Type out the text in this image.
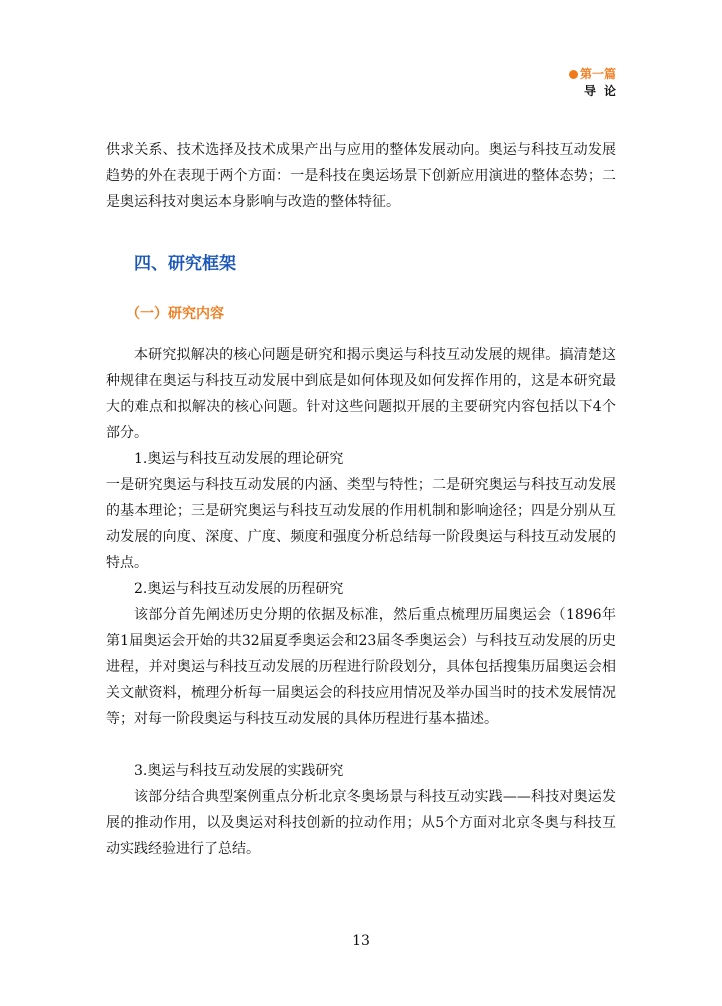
第一篇
导论

供求关系、技术选择及技术成果产出与应用的整体发展动向。奥运与科技互动发展趋势的外在表现于两个方面：一是科技在奥运场景下创新应用演进的整体态势；二是奥运科技对奥运本身影响与改造的整体特征。

四、研究框架
（一）研究内容

本研究拟解决的核心问题是研究和揭示奥运与科技互动发展的规律。搞清楚这种规律在奥运与科技互动发展中到底是如何体现及如何发挥作用的，这是本研究最大的难点和拟解决的核心问题。针对这些问题拟开展的主要研究内容包括以下4个部分。

1.奥运与科技互动发展的理论研究

一是研究奥运与科技互动发展的内涵、类型与特性；二是研究奥运与科技互动发展的基本理论；三是研究奥运与科技互动发展的作用机制和影响途径；四是分别从互动发展的向度、深度、广度、频度和强度分析总结每一阶段奥运与科技互动发展的特点。

2.奥运与科技互动发展的历程研究

该部分首先阐述历史分期的依据及标准，然后重点梳理历届奥运会（1896年第1届奥运会开始的共32届夏季奥运会和23届冬季奥运会）与科技互动发展的历史进程，并对奥运与科技互动发展的历程进行阶段划分，具体包括搜集历届奥运会相关文献资料，梳理分析每一届奥运会的科技应用情况及举办国当时的技术发展情况等；对每一阶段奥运与科技互动发展的具体历程进行基本描述。

3.奥运与科技互动发展的实践研究

该部分结合典型案例重点分析北京冬奥场景与科技互动实践——科技对奥运发展的推动作用，以及奥运对科技创新的拉动作用；从5个方面对北京冬奥与科技互动实践经验进行了总结。

13
